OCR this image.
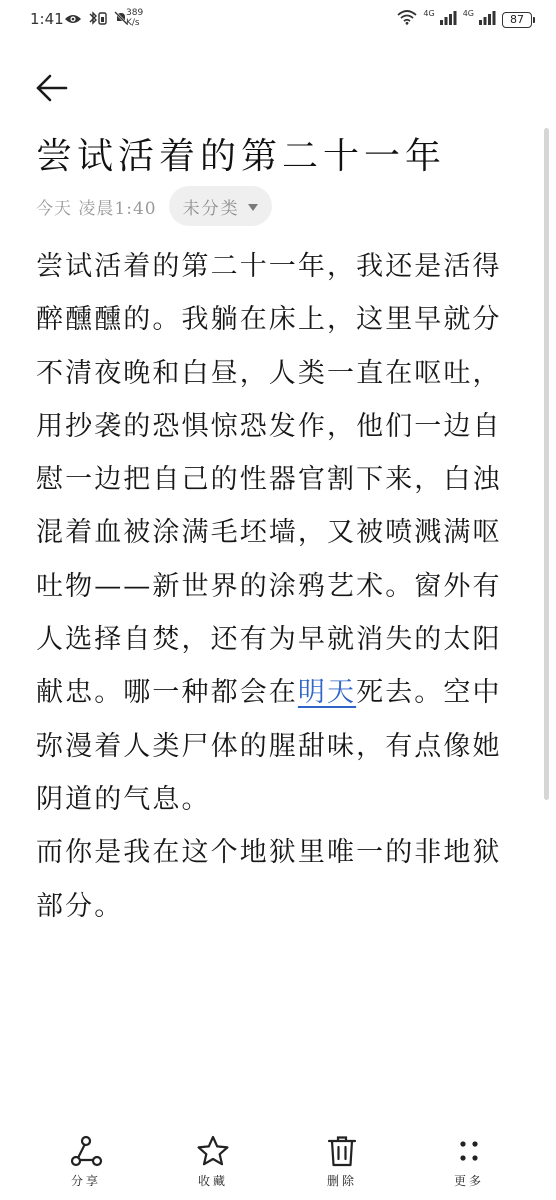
1:41	389
K/s
4G	4G	87
尝试活着的第二十一年
今天 凌晨1:40 未分类

尝试活着的第二十一年，我还是活得醉醺醺的。我躺在床上，这里早就分不清夜晚和白昼，人类一直在呕吐，用抄袭的恐惧惊恐发作，他们一边自慰一边把自己的性器官割下来，白浊混着血被涂满毛坯墙，又被喷溅满呕吐物——新世界的涂鸦艺术。窗外有人选择自焚，还有为早就消失的太阳献忠。哪一种都会在明天死去。空中弥漫着人类尸体的腥甜味，有点像她阴道的气息。

而你是我在这个地狱里唯一的非地狱部分。

分享	收藏	删除	更多
